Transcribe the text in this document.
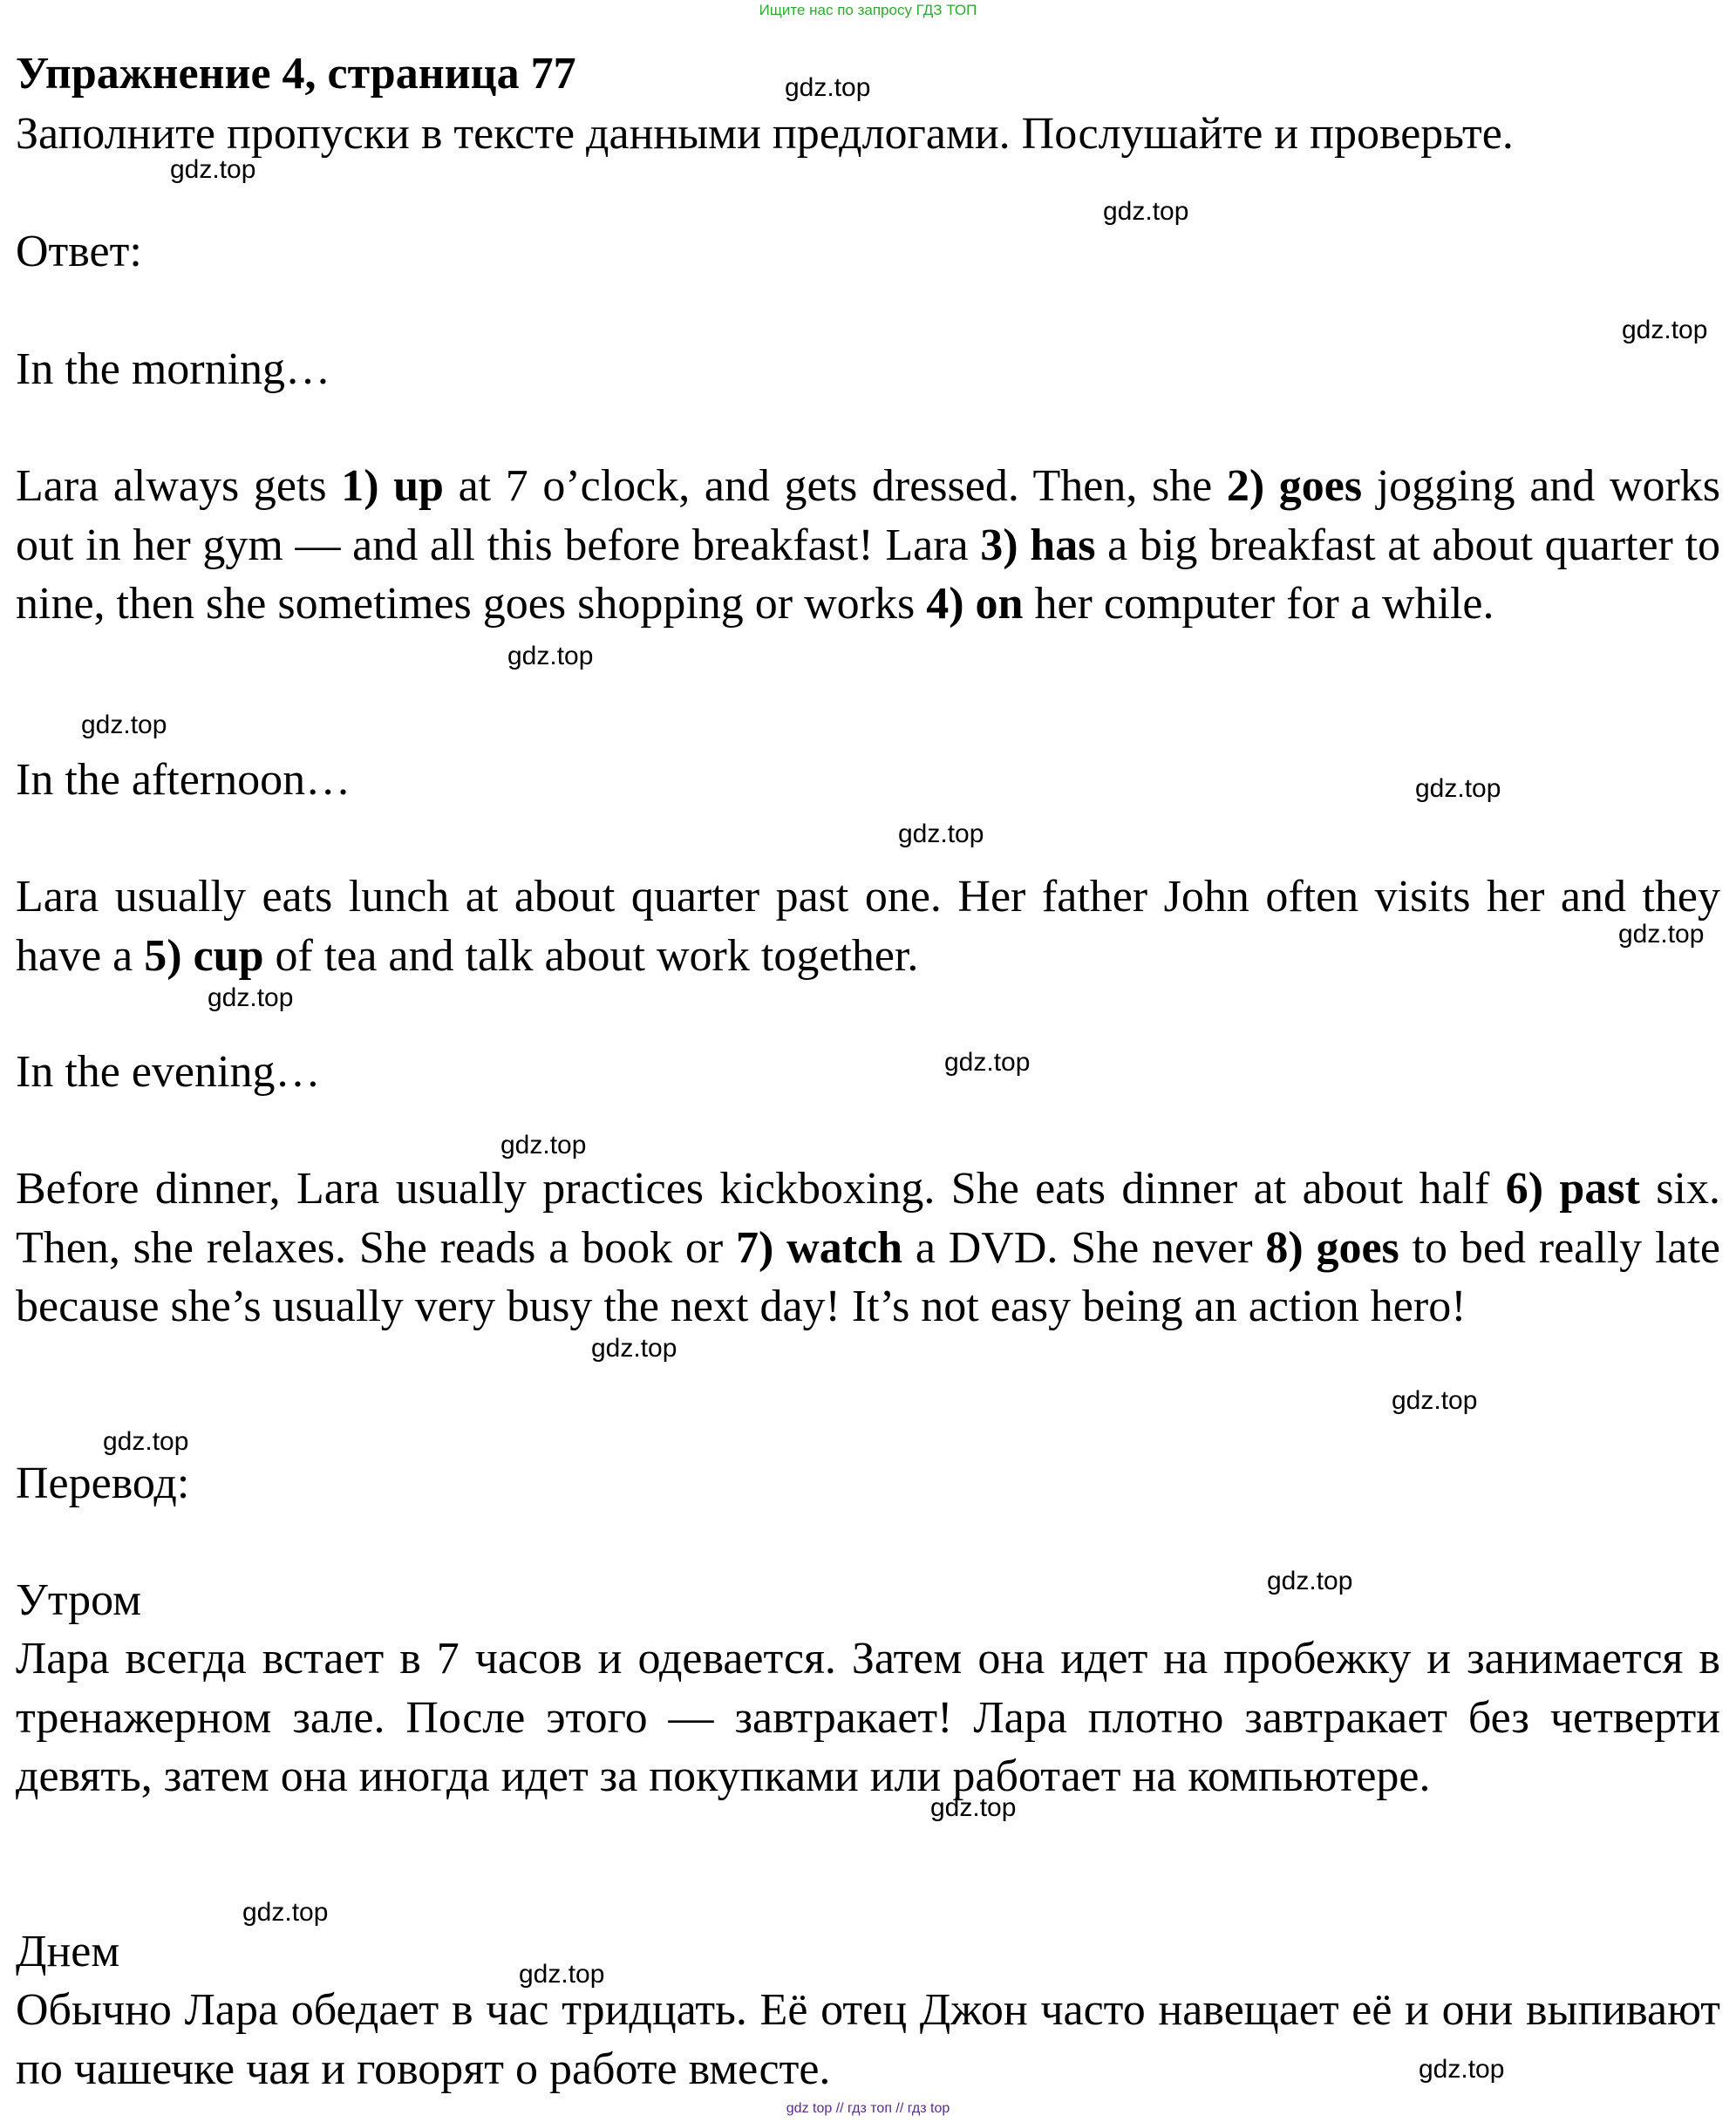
Ищите нас по запросу ГДЗ ТОП
Упражнение 4, страница 77
Заполните пропуски в тексте данными предлогами. Послушайте и проверьте.
Ответ:
In the morning…
Lara always gets 1) up at 7 o’clock, and gets dressed. Then, she 2) goes jogging and works out in her gym — and all this before breakfast! Lara 3) has a big breakfast at about quarter to nine, then she sometimes goes shopping or works 4) on her computer for a while.
In the afternoon…
Lara usually eats lunch at about quarter past one. Her father John often visits her and they have a 5) cup of tea and talk about work together.
In the evening…
Before dinner, Lara usually practices kickboxing. She eats dinner at about half 6) past six. Then, she relaxes. She reads a book or 7) watch a DVD. She never 8) goes to bed really late because she’s usually very busy the next day! It’s not easy being an action hero!
Перевод:
Утром
Лара всегда встает в 7 часов и одевается. Затем она идет на пробежку и занимается в тренажерном зале. После этого — завтракает! Лара плотно завтракает без четверти девять, затем она иногда идет за покупками или работает на компьютере.
Днем
Обычно Лара обедает в час тридцать. Её отец Джон часто навещает её и они выпивают по чашечке чая и говорят о работе вместе.
gdz.top
gdz.top
gdz.top
gdz.top
gdz.top
gdz.top
gdz.top
gdz.top
gdz.top
gdz.top
gdz.top
gdz.top
gdz.top
gdz.top
gdz.top
gdz.top
gdz.top
gdz.top
gdz.top
gdz.top
gdz top // гдз топ // гдз top
